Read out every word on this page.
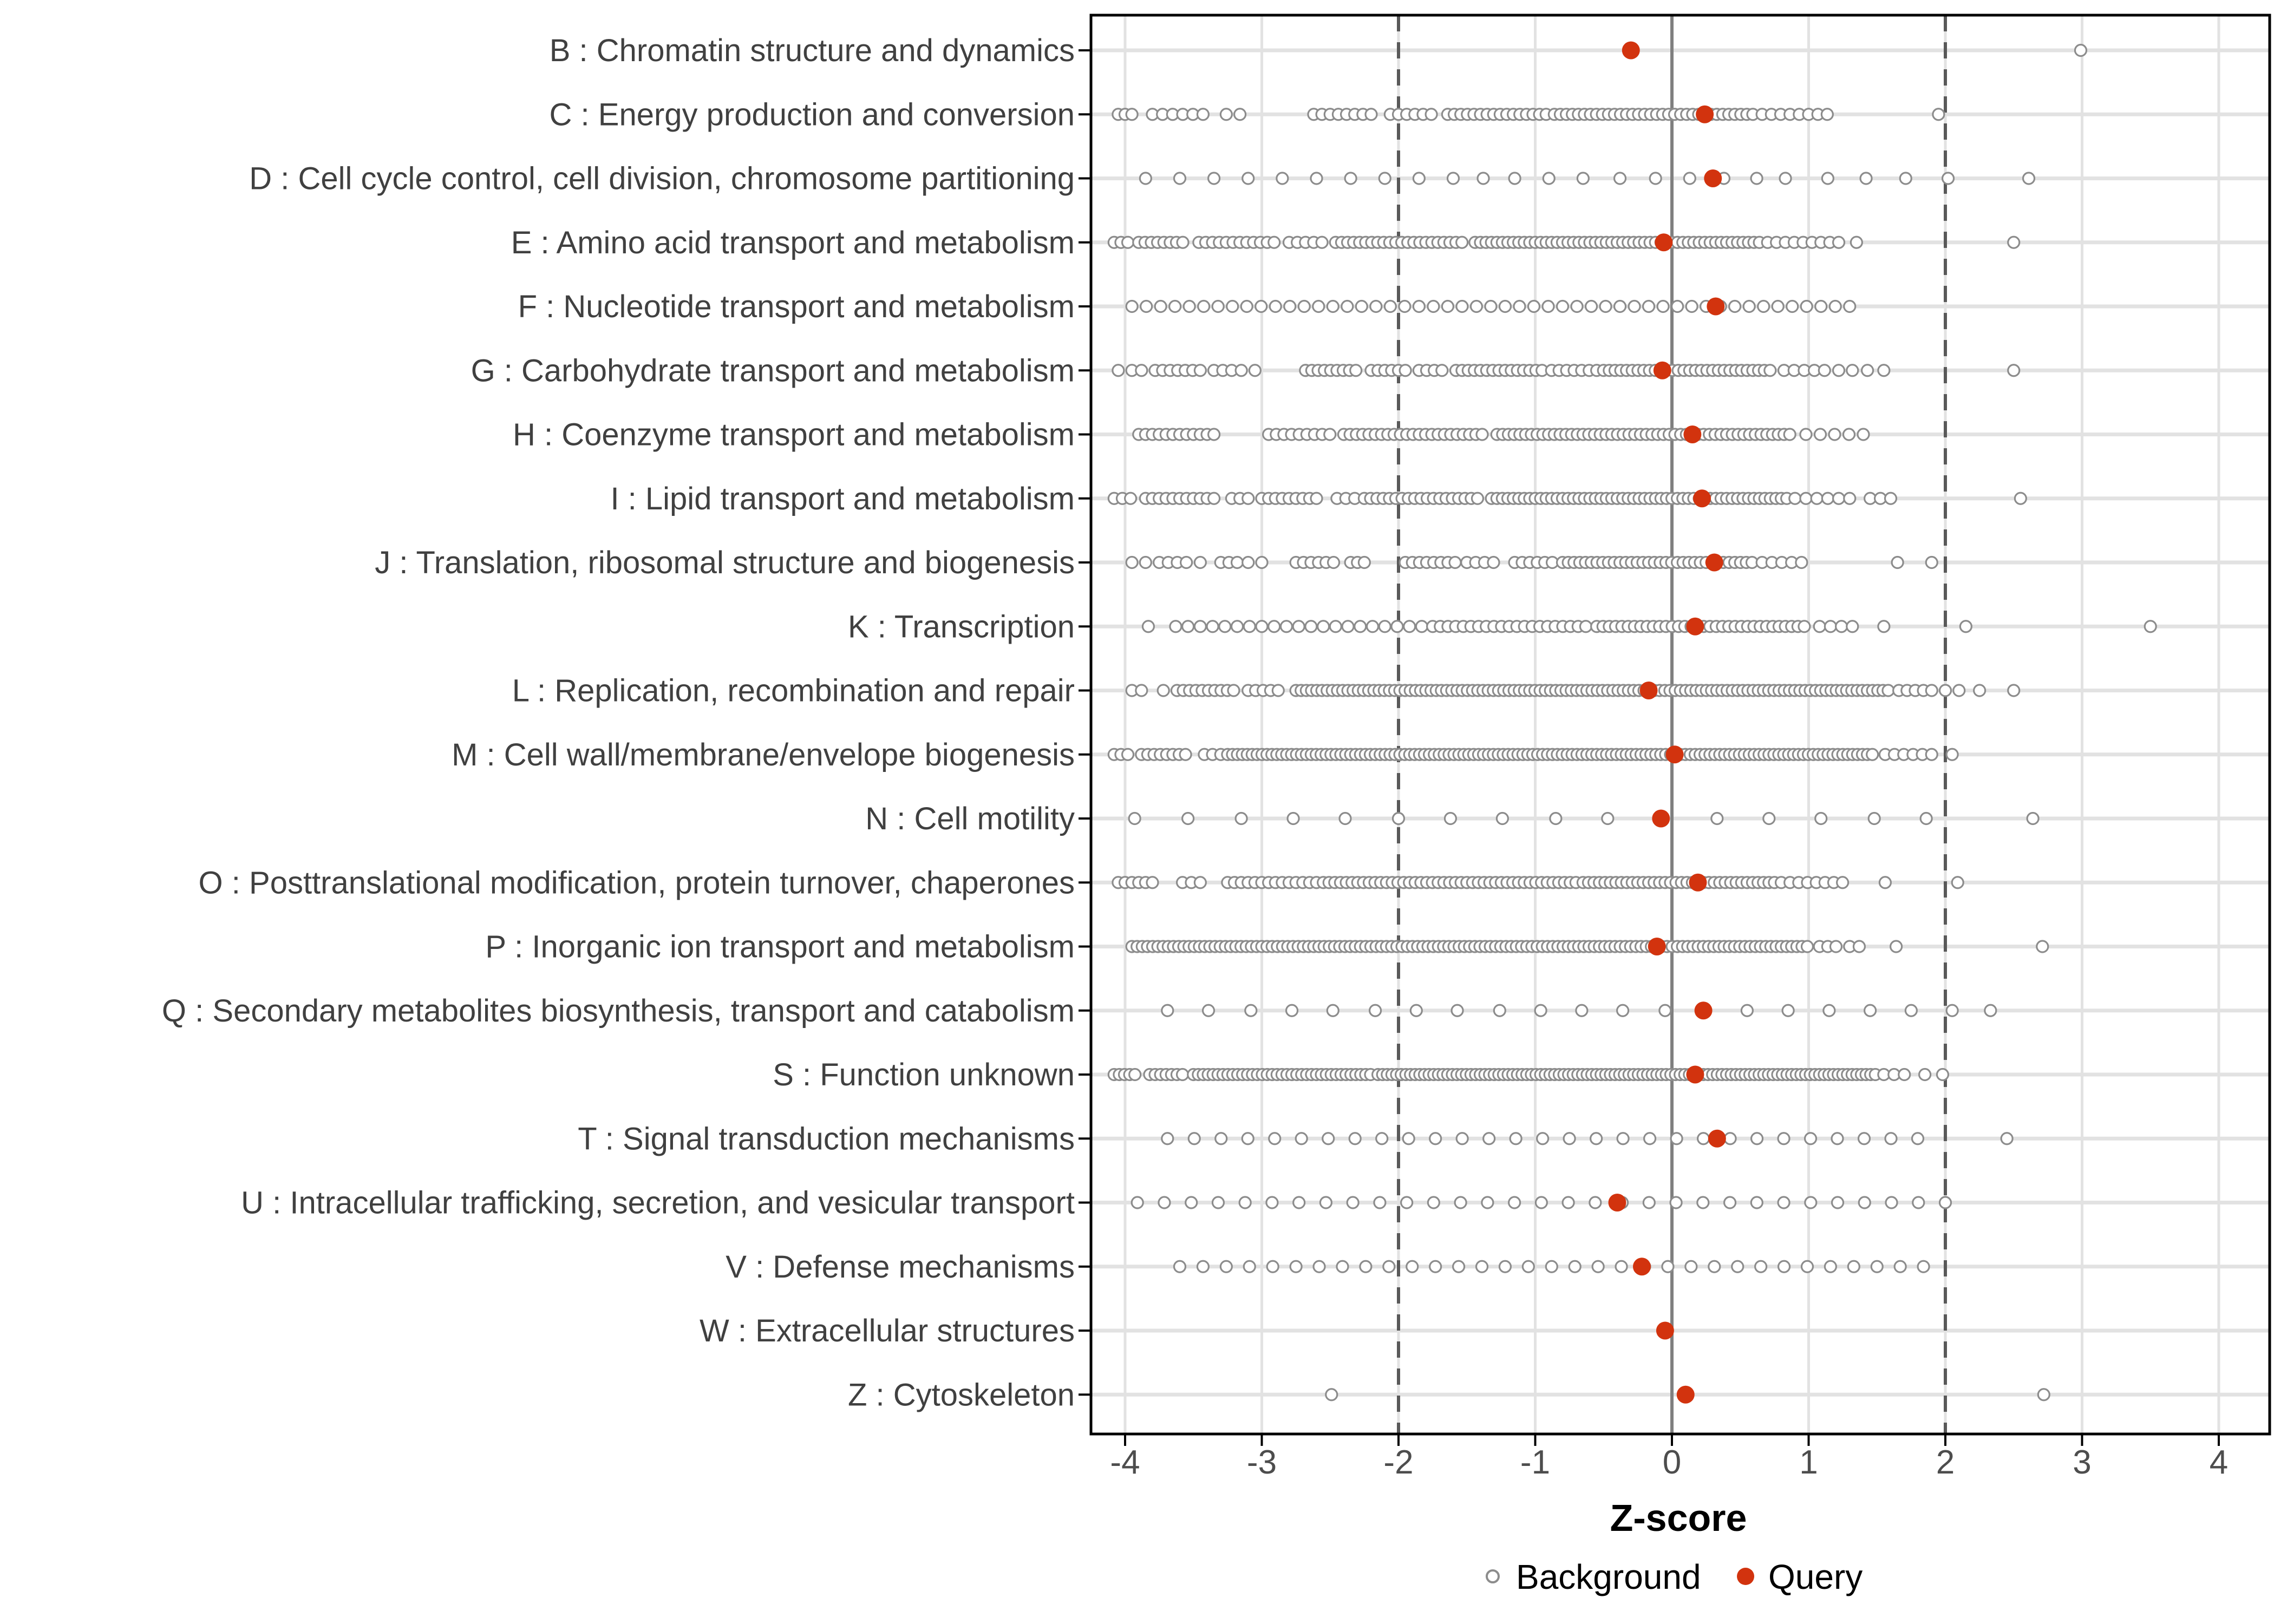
B : Chromatin structure and dynamics
C : Energy production and conversion
D : Cell cycle control, cell division, chromosome partitioning
E : Amino acid transport and metabolism
F : Nucleotide transport and metabolism
G : Carbohydrate transport and metabolism
H : Coenzyme transport and metabolism
I : Lipid transport and metabolism
J : Translation, ribosomal structure and biogenesis
K : Transcription
L : Replication, recombination and repair
M : Cell wall/membrane/envelope biogenesis
N : Cell motility
O : Posttranslational modification, protein turnover, chaperones
P : Inorganic ion transport and metabolism
Q : Secondary metabolites biosynthesis, transport and catabolism
S : Function unknown
T : Signal transduction mechanisms
U : Intracellular trafficking, secretion, and vesicular transport
V : Defense mechanisms
W : Extracellular structures
Z : Cytoskeleton
-4	-3	-2	-1	0	1	2	3	4
Z-score
Background Query
